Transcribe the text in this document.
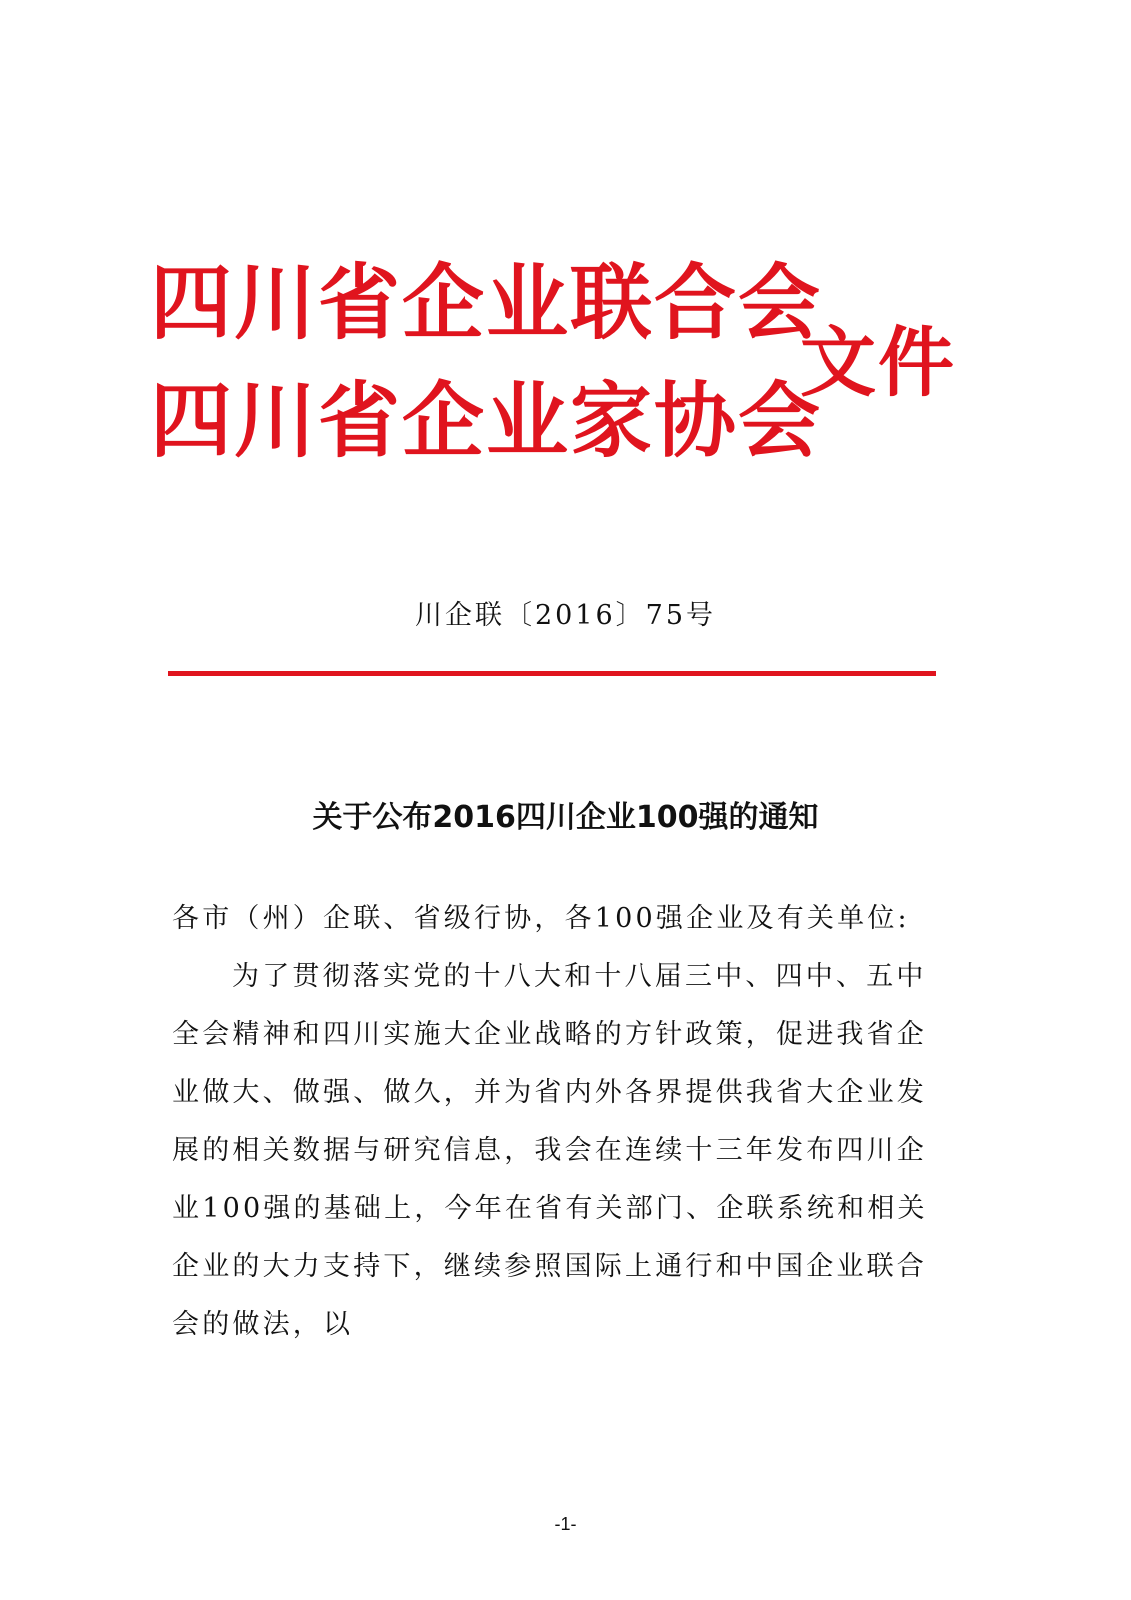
四川省企业联合会
四川省企业家协会
文件
川企联〔2016〕75号
关于公布2016四川企业100强的通知
各市（州）企联、省级行协，各100强企业及有关单位:
为了贯彻落实党的十八大和十八届三中、四中、五中全会精神和四川实施大企业战略的方针政策，促进我省企业做大、做强、做久，并为省内外各界提供我省大企业发展的相关数据与研究信息，我会在连续十三年发布四川企业100强的基础上，今年在省有关部门、企联系统和相关企业的大力支持下，继续参照国际上通行和中国企业联合会的做法，以
-1-
